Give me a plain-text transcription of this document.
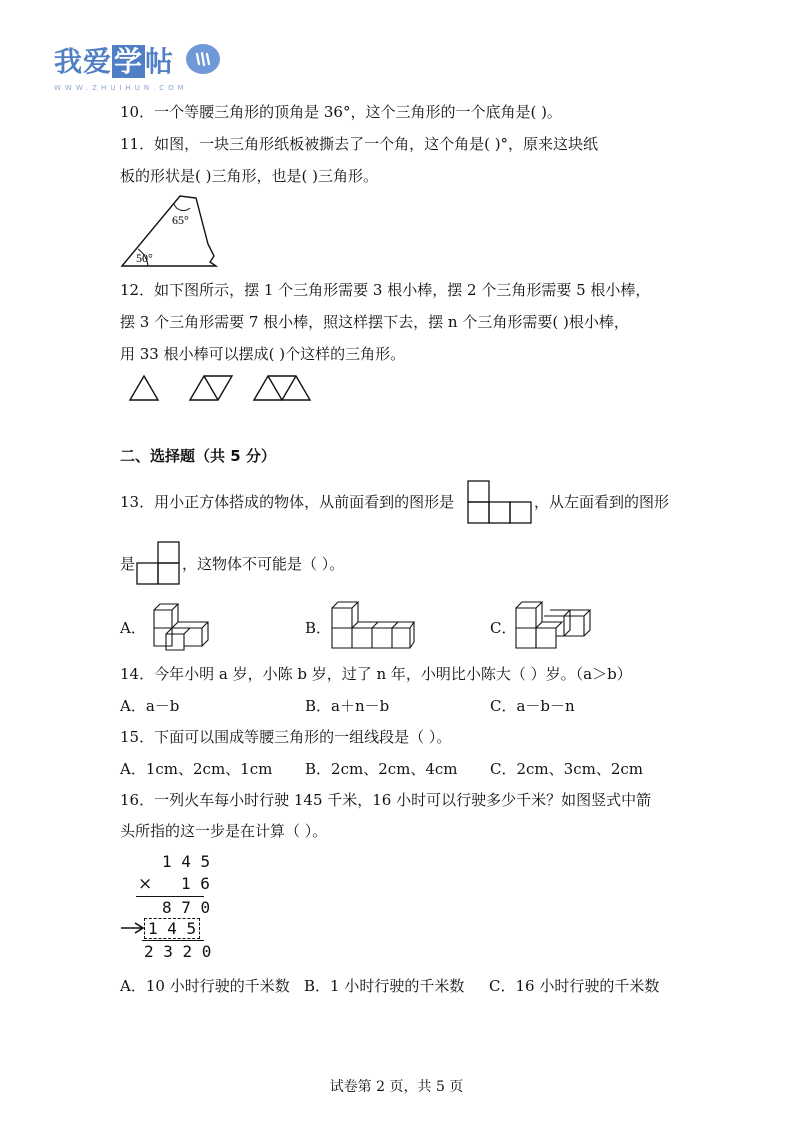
我爱学帖
WWW.ZHUIHUN.COM
10．一个等腰三角形的顶角是 36°，这个三角形的一个底角是( )。
11．如图，一块三角形纸板被撕去了一个角，这个角是( )°，原来这块纸
板的形状是( )三角形，也是( )三角形。
65°
50°
12．如下图所示，摆 1 个三角形需要 3 根小棒，摆 2 个三角形需要 5 根小棒，
摆 3 个三角形需要 7 根小棒，照这样摆下去，摆 n 个三角形需要( )根小棒，
用 33 根小棒可以摆成( )个这样的三角形。
二、选择题（共 5 分）
13．用小正方体搭成的物体，从前面看到的图形是	，从左面看到的图形
是	，这物体不可能是（ ）。
A．	B．	C．
14．今年小明 a 岁，小陈 b 岁，过了 n 年，小明比小陈大（ ）岁。（a＞b）
A．a－b	B．a＋n－b	C．a－b－n
15．下面可以围成等腰三角形的一组线段是（ ）。
A．1cm、2cm、1cm B．2cm、2cm、4cm C．2cm、3cm、2cm
16．一列火车每小时行驶 145 千米，16 小时可以行驶多少千米？如图竖式中箭
头所指的这一步是在计算（ ）。
1 4 5
× 1 6
8 7 0
1 4 5
2 3 2 0
A．10 小时行驶的千米数 B．1 小时行驶的千米数 C．16 小时行驶的千米数
试卷第 2 页，共 5 页
